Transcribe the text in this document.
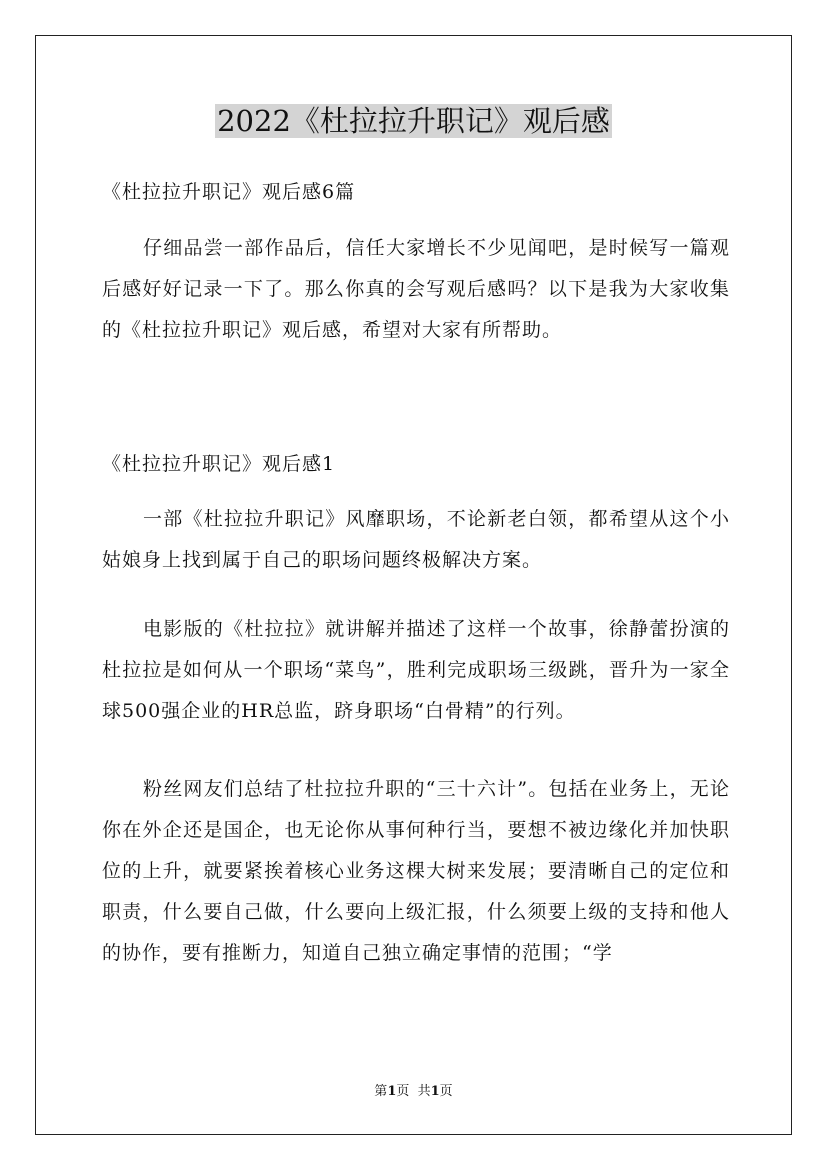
2022《杜拉拉升职记》观后感

《杜拉拉升职记》观后感6篇

仔细品尝一部作品后，信任大家增长不少见闻吧，是时候写一篇观后感好好记录一下了。那么你真的会写观后感吗？以下是我为大家收集的《杜拉拉升职记》观后感，希望对大家有所帮助。

《杜拉拉升职记》观后感1

一部《杜拉拉升职记》风靡职场，不论新老白领，都希望从这个小姑娘身上找到属于自己的职场问题终极解决方案。

电影版的《杜拉拉》就讲解并描述了这样一个故事，徐静蕾扮演的杜拉拉是如何从一个职场“菜鸟”，胜利完成职场三级跳，晋升为一家全球500强企业的HR总监，跻身职场“白骨精”的行列。

粉丝网友们总结了杜拉拉升职的“三十六计”。包括在业务上，无论你在外企还是国企，也无论你从事何种行当，要想不被边缘化并加快职位的上升，就要紧挨着核心业务这棵大树来发展；要清晰自己的定位和职责，什么要自己做，什么要向上级汇报，什么须要上级的支持和他人的协作，要有推断力，知道自己独立确定事情的范围；“学

第1页  共1页
